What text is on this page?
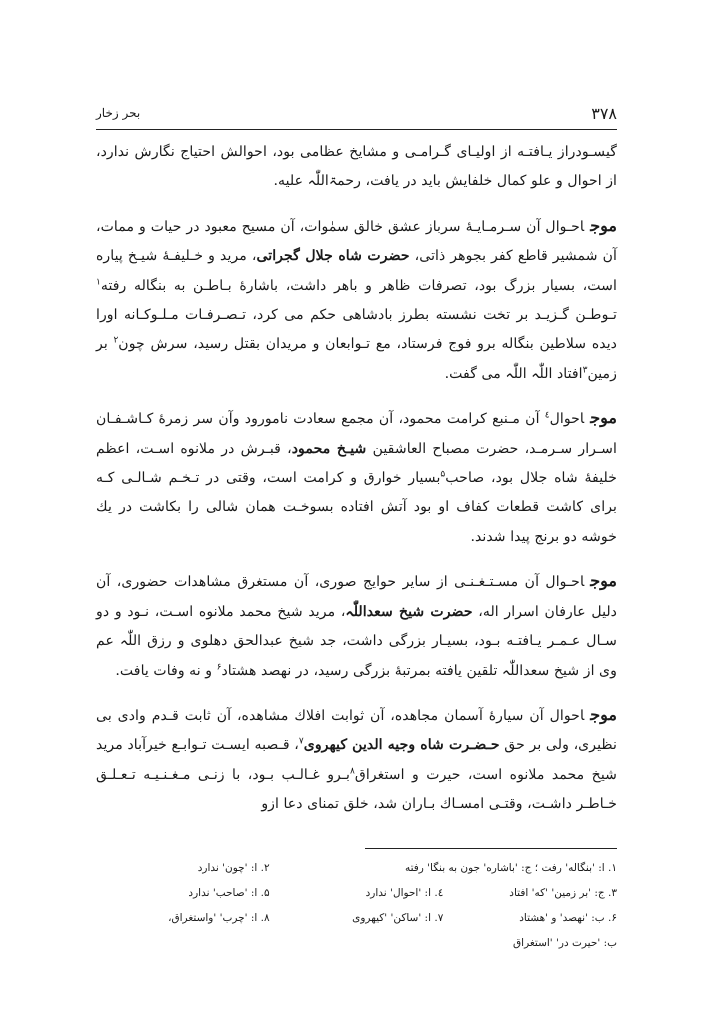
۳۷۸
بحر زخار

گیسـودراز یـافتـه از اولیـای گـرامـی و مشایخ عظامی بود، احوالش احتیاج نگارش ندارد، از احوال و علو کمال خلفایش باید در یافت، رحمۃاللّٰہ علیه.

موجاحـوال آن سـرمـایـهٔ سرباز عشق خالق سمٰوات، آن مسیح معبود در حیات و ممات، آن شمشیر قاطع کفر بجوهر ذاتی، حضرت شاه جلال گجراتی، مرید و خـلیفـهٔ شیـخ پیاره است، بسیار بزرگ بود، تصرفات ظاهر و باهر داشت، باشارهٔ بـاطـن به بنگاله رفته$^۱$ تـوطـن گـزیـد بر تخت نشسته بطرز بادشاهی حکم می کرد، تـصـرفـات مـلـوکـانه اورا دیده سلاطین بنگاله برو فوج فرستاد، مع تـوابعان و مریدان بقتل رسید، سرش چون$^۲$ بر زمین$^۳$افتاد اللّٰہ اللّٰہ می گفت.

موجاحوال$^٤$ آن مـنبع کرامت محمود، آن مجمع سعادت نامورود وآن سر زمرهٔ کـاشـفـان اسـرار سـرمـد، حضرت مصباح العاشقین شیـخ محمود، قبـرش در ملانوه اسـت، اعظم خلیفهٔ شاه جلال بود، صاحب$^۵$بسیار خوارق و کرامت است، وقتی در تـخـم شـالـی کـه برای کاشت قطعات کفاف او بود آتش افتاده بسوخـت همان شالی را بکاشت در یك خوشه دو برنج پیدا شدند.

موجاحـوال آن مسـتـغـنـی از سایر حوایج صوری، آن مستغرق مشاهدات حضوری، آن دلیل عارفان اسرار اله، حضرت شیخ سعداللّٰہ، مرید شیخ محمد ملانوه اسـت، نـود و دو سـال عـمـر یـافتـه بـود، بسیـار بزرگی داشت، جد شیخ عبدالحق دهلوی و رزق اللّٰہ عم وی از شیخ سعداللّٰہ تلقین یافته بمرتبهٔ بزرگی رسید، در نهصد هشتاد$^۶$ و نه وفات یافت.

موجاحوال آن سیارهٔ آسمان مجاهده، آن ثوابت افلاك مشاهده، آن ثابت قـدم وادی بی نظیری، ولی بر حق حـضـرت شاه وجیه الدین کیهروی$^۷$، قـصبه ایسـت تـوابـع خیرآباد مرید شیخ محمد ملانوه است، حیرت و استغراق$^۸$بـرو غـالـب بـود، با زنـی مـغـنـیـه تـعـلـق خـاطـر داشـت، وقتـی امسـاك بـاران شد، خلق تمنای دعا ازو

۱. ا: 'بنگاله' رفت ؛ ج: 'باشاره' جون به بنگا' رفته
۲. ا: 'چون' ندارد
۳. ج: 'بر زمین' 'که' افتاد
٤. ا: 'احوال' ندارد
۵. ا: 'صاحب' ندارد
۶. ب: 'نهصد' و 'هشتاد
۷. ا: 'ساکن' 'کیهروی
۸. ا: 'چرب' 'واستغراق،
ب: 'حیرت در' 'استغراق
